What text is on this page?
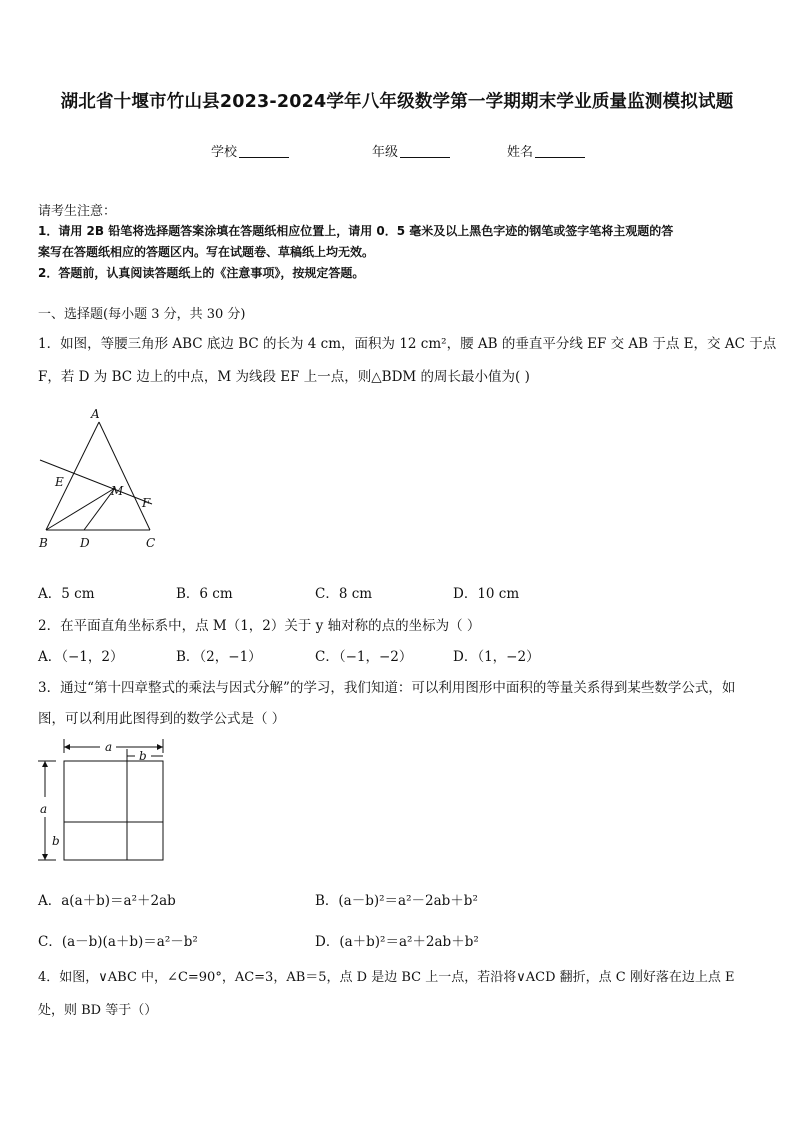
湖北省十堰市竹山县2023-2024学年八年级数学第一学期期末学业质量监测模拟试题
学校	年级	姓名
请考生注意：
1．请用 2B 铅笔将选择题答案涂填在答题纸相应位置上，请用 0．5 毫米及以上黑色字迹的钢笔或签字笔将主观题的答
案写在答题纸相应的答题区内。写在试题卷、草稿纸上均无效。
2．答题前，认真阅读答题纸上的《注意事项》，按规定答题。
一、选择题(每小题 3 分，共 30 分)
1．如图，等腰三角形 ABC 底边 BC 的长为 4 cm，面积为 12 cm²，腰 AB 的垂直平分线 EF 交 AB 于点 E，交 AC 于点
F，若 D 为 BC 边上的中点，M 为线段 EF 上一点，则△BDM 的周长最小值为( )
A
E
M
F
B	D	C
A．5 cm	B．6 cm	C．8 cm	D．10 cm
2．在平面直角坐标系中，点 M（1，2）关于 y 轴对称的点的坐标为（ ）
A．（−1，2）	B．（2，−1）	C．（−1，−2）	D．（1，−2）
3．通过“第十四章整式的乘法与因式分解”的学习，我们知道：可以利用图形中面积的等量关系得到某些数学公式，如
图，可以利用此图得到的数学公式是（ ）
a
b
a
b
A．a(a＋b)＝a²＋2ab	B．(a－b)²＝a²－2ab＋b²
C．(a－b)(a＋b)＝a²－b²	D．(a＋b)²＝a²＋2ab＋b²
4．如图，∨ABC 中，∠C=90°，AC=3，AB＝5，点 D 是边 BC 上一点，若沿将∨ACD 翻折，点 C 刚好落在边上点 E
处，则 BD 等于（）
